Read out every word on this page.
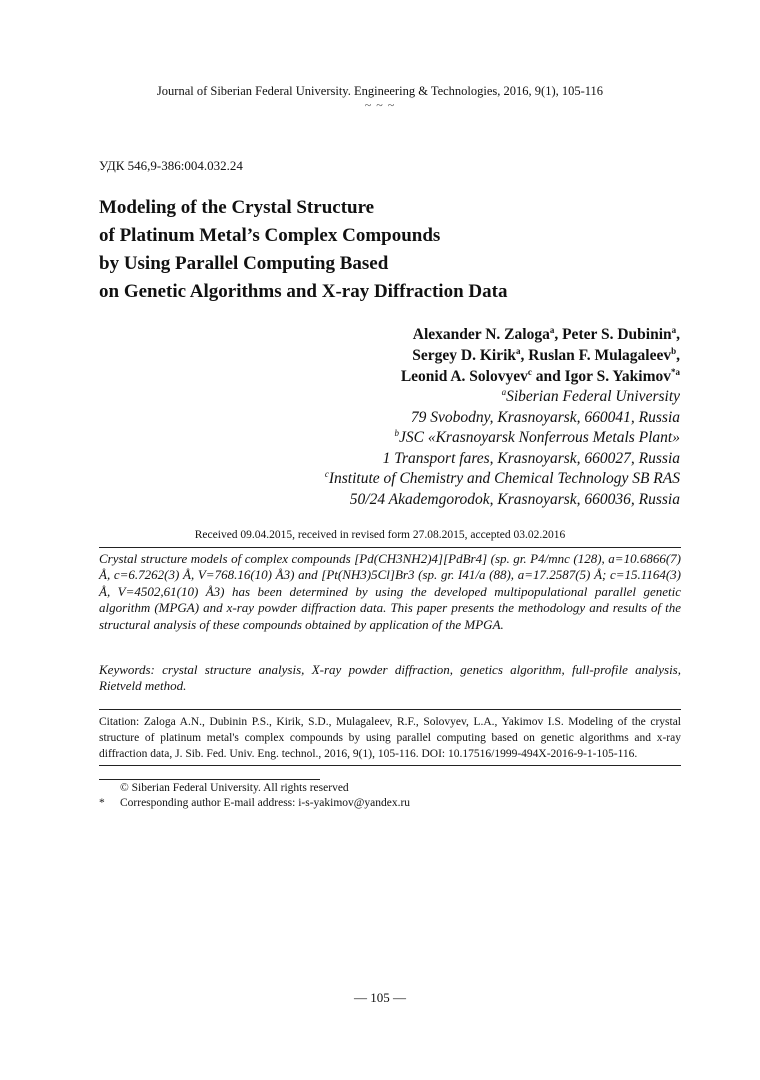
Journal of Siberian Federal University. Engineering & Technologies, 2016, 9(1), 105-116
~ ~ ~
УДК 546,9-386:004.032.24
Modeling of the Crystal Structure
of Platinum Metal’s Complex Compounds
by Using Parallel Computing Based
on Genetic Algorithms and X-ray Diffraction Data
Alexander N. Zaloga$^a$, Peter S. Dubinin$^a$,
Sergey D. Kirik$^a$, Ruslan F. Mulagaleev$^b$,
Leonid A. Solovyev$^c$ and Igor S. Yakimov$^{*a}$
$^a$Siberian Federal University
79 Svobodny, Krasnoyarsk, 660041, Russia
$^b$JSC «Krasnoyarsk Nonferrous Metals Plant»
1 Transport fares, Krasnoyarsk, 660027, Russia
$^c$Institute of Chemistry and Chemical Technology SB RAS
50/24 Akademgorodok, Krasnoyarsk, 660036, Russia
Received 09.04.2015, received in revised form 27.08.2015, accepted 03.02.2016
Crystal structure models of complex compounds [Pd(CH3NH2)4][PdBr4] (sp. gr. P4/mnc (128), a=10.6866(7) Å, c=6.7262(3) Å, V=768.16(10) Å3) and [Pt(NH3)5Cl]Br3 (sp. gr. I41/a (88), a=17.2587(5) Å; c=15.1164(3) Å, V=4502,61(10) Å3) has been determined by using the developed multipopulational parallel genetic algorithm (MPGA) and x-ray powder diffraction data. This paper presents the methodology and results of the structural analysis of these compounds obtained by application of the MPGA.
Keywords: crystal structure analysis, X-ray powder diffraction, genetics algorithm, full-profile analysis, Rietveld method.
Citation: Zaloga A.N., Dubinin P.S., Kirik, S.D., Mulagaleev, R.F., Solovyev, L.A., Yakimov I.S. Modeling of the crystal structure of platinum metal's complex compounds by using parallel computing based on genetic algorithms and x-ray diffraction data, J. Sib. Fed. Univ. Eng. technol., 2016, 9(1), 105-116. DOI: 10.17516/1999-494X-2016-9-1-105-116.
© Siberian Federal University. All rights reserved
* Corresponding author E-mail address: i-s-yakimov@yandex.ru
— 105 —
